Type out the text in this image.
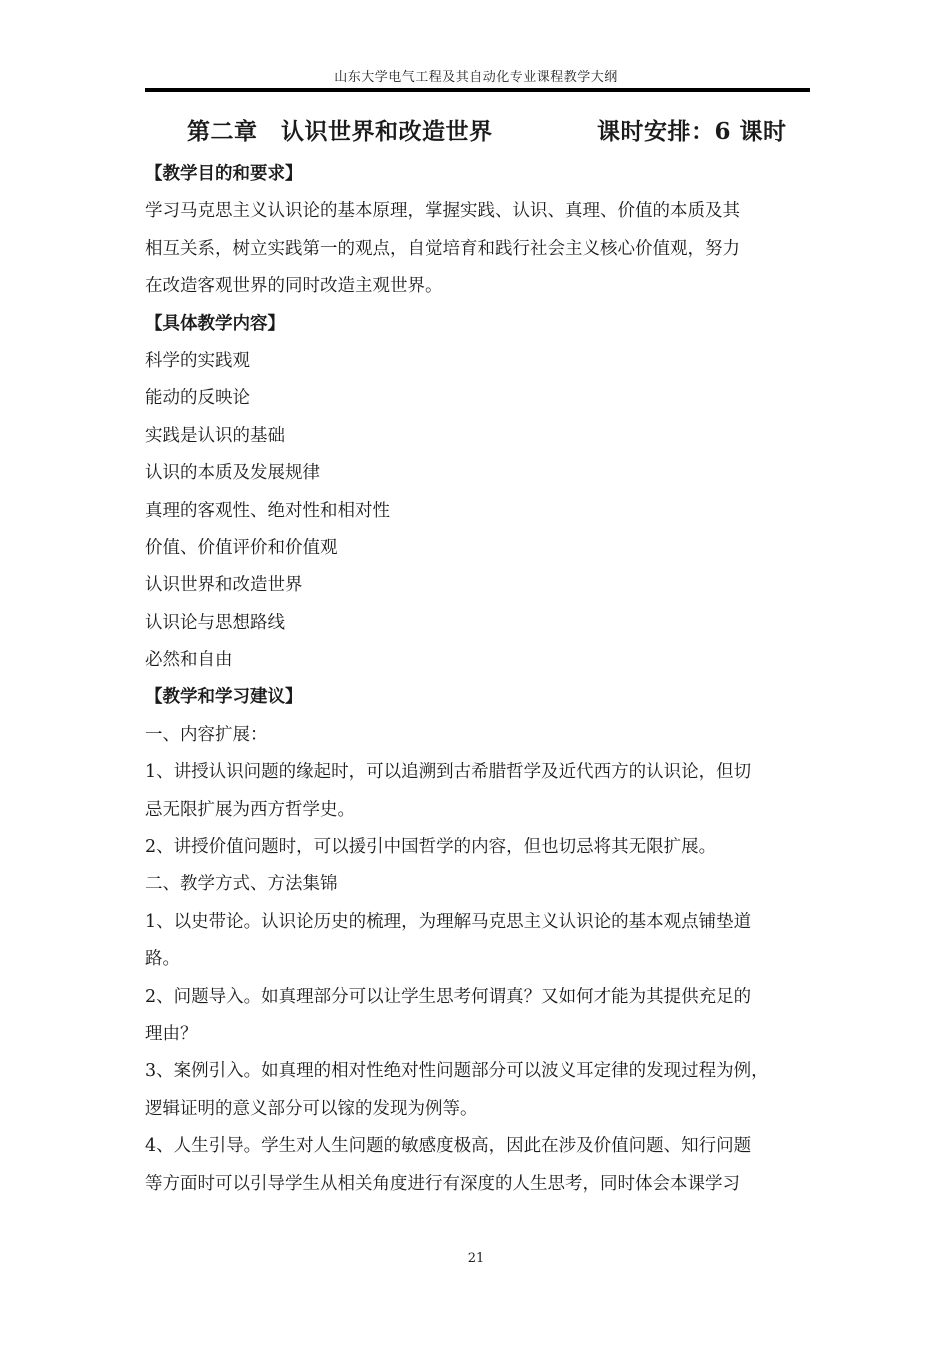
山东大学电气工程及其自动化专业课程教学大纲
第二章　认识世界和改造世界	课时安排：6 课时
【教学目的和要求】
学习马克思主义认识论的基本原理，掌握实践、认识、真理、价值的本质及其
相互关系，树立实践第一的观点，自觉培育和践行社会主义核心价值观，努力
在改造客观世界的同时改造主观世界。
【具体教学内容】
科学的实践观
能动的反映论
实践是认识的基础
认识的本质及发展规律
真理的客观性、绝对性和相对性
价值、价值评价和价值观
认识世界和改造世界
认识论与思想路线
必然和自由
【教学和学习建议】
一、内容扩展：
1、讲授认识问题的缘起时，可以追溯到古希腊哲学及近代西方的认识论，但切
忌无限扩展为西方哲学史。
2、讲授价值问题时，可以援引中国哲学的内容，但也切忌将其无限扩展。
二、教学方式、方法集锦
1、以史带论。认识论历史的梳理，为理解马克思主义认识论的基本观点铺垫道
路。
2、问题导入。如真理部分可以让学生思考何谓真？又如何才能为其提供充足的
理由？
3、案例引入。如真理的相对性绝对性问题部分可以波义耳定律的发现过程为例，
逻辑证明的意义部分可以镓的发现为例等。
4、人生引导。学生对人生问题的敏感度极高，因此在涉及价值问题、知行问题
等方面时可以引导学生从相关角度进行有深度的人生思考，同时体会本课学习
21
